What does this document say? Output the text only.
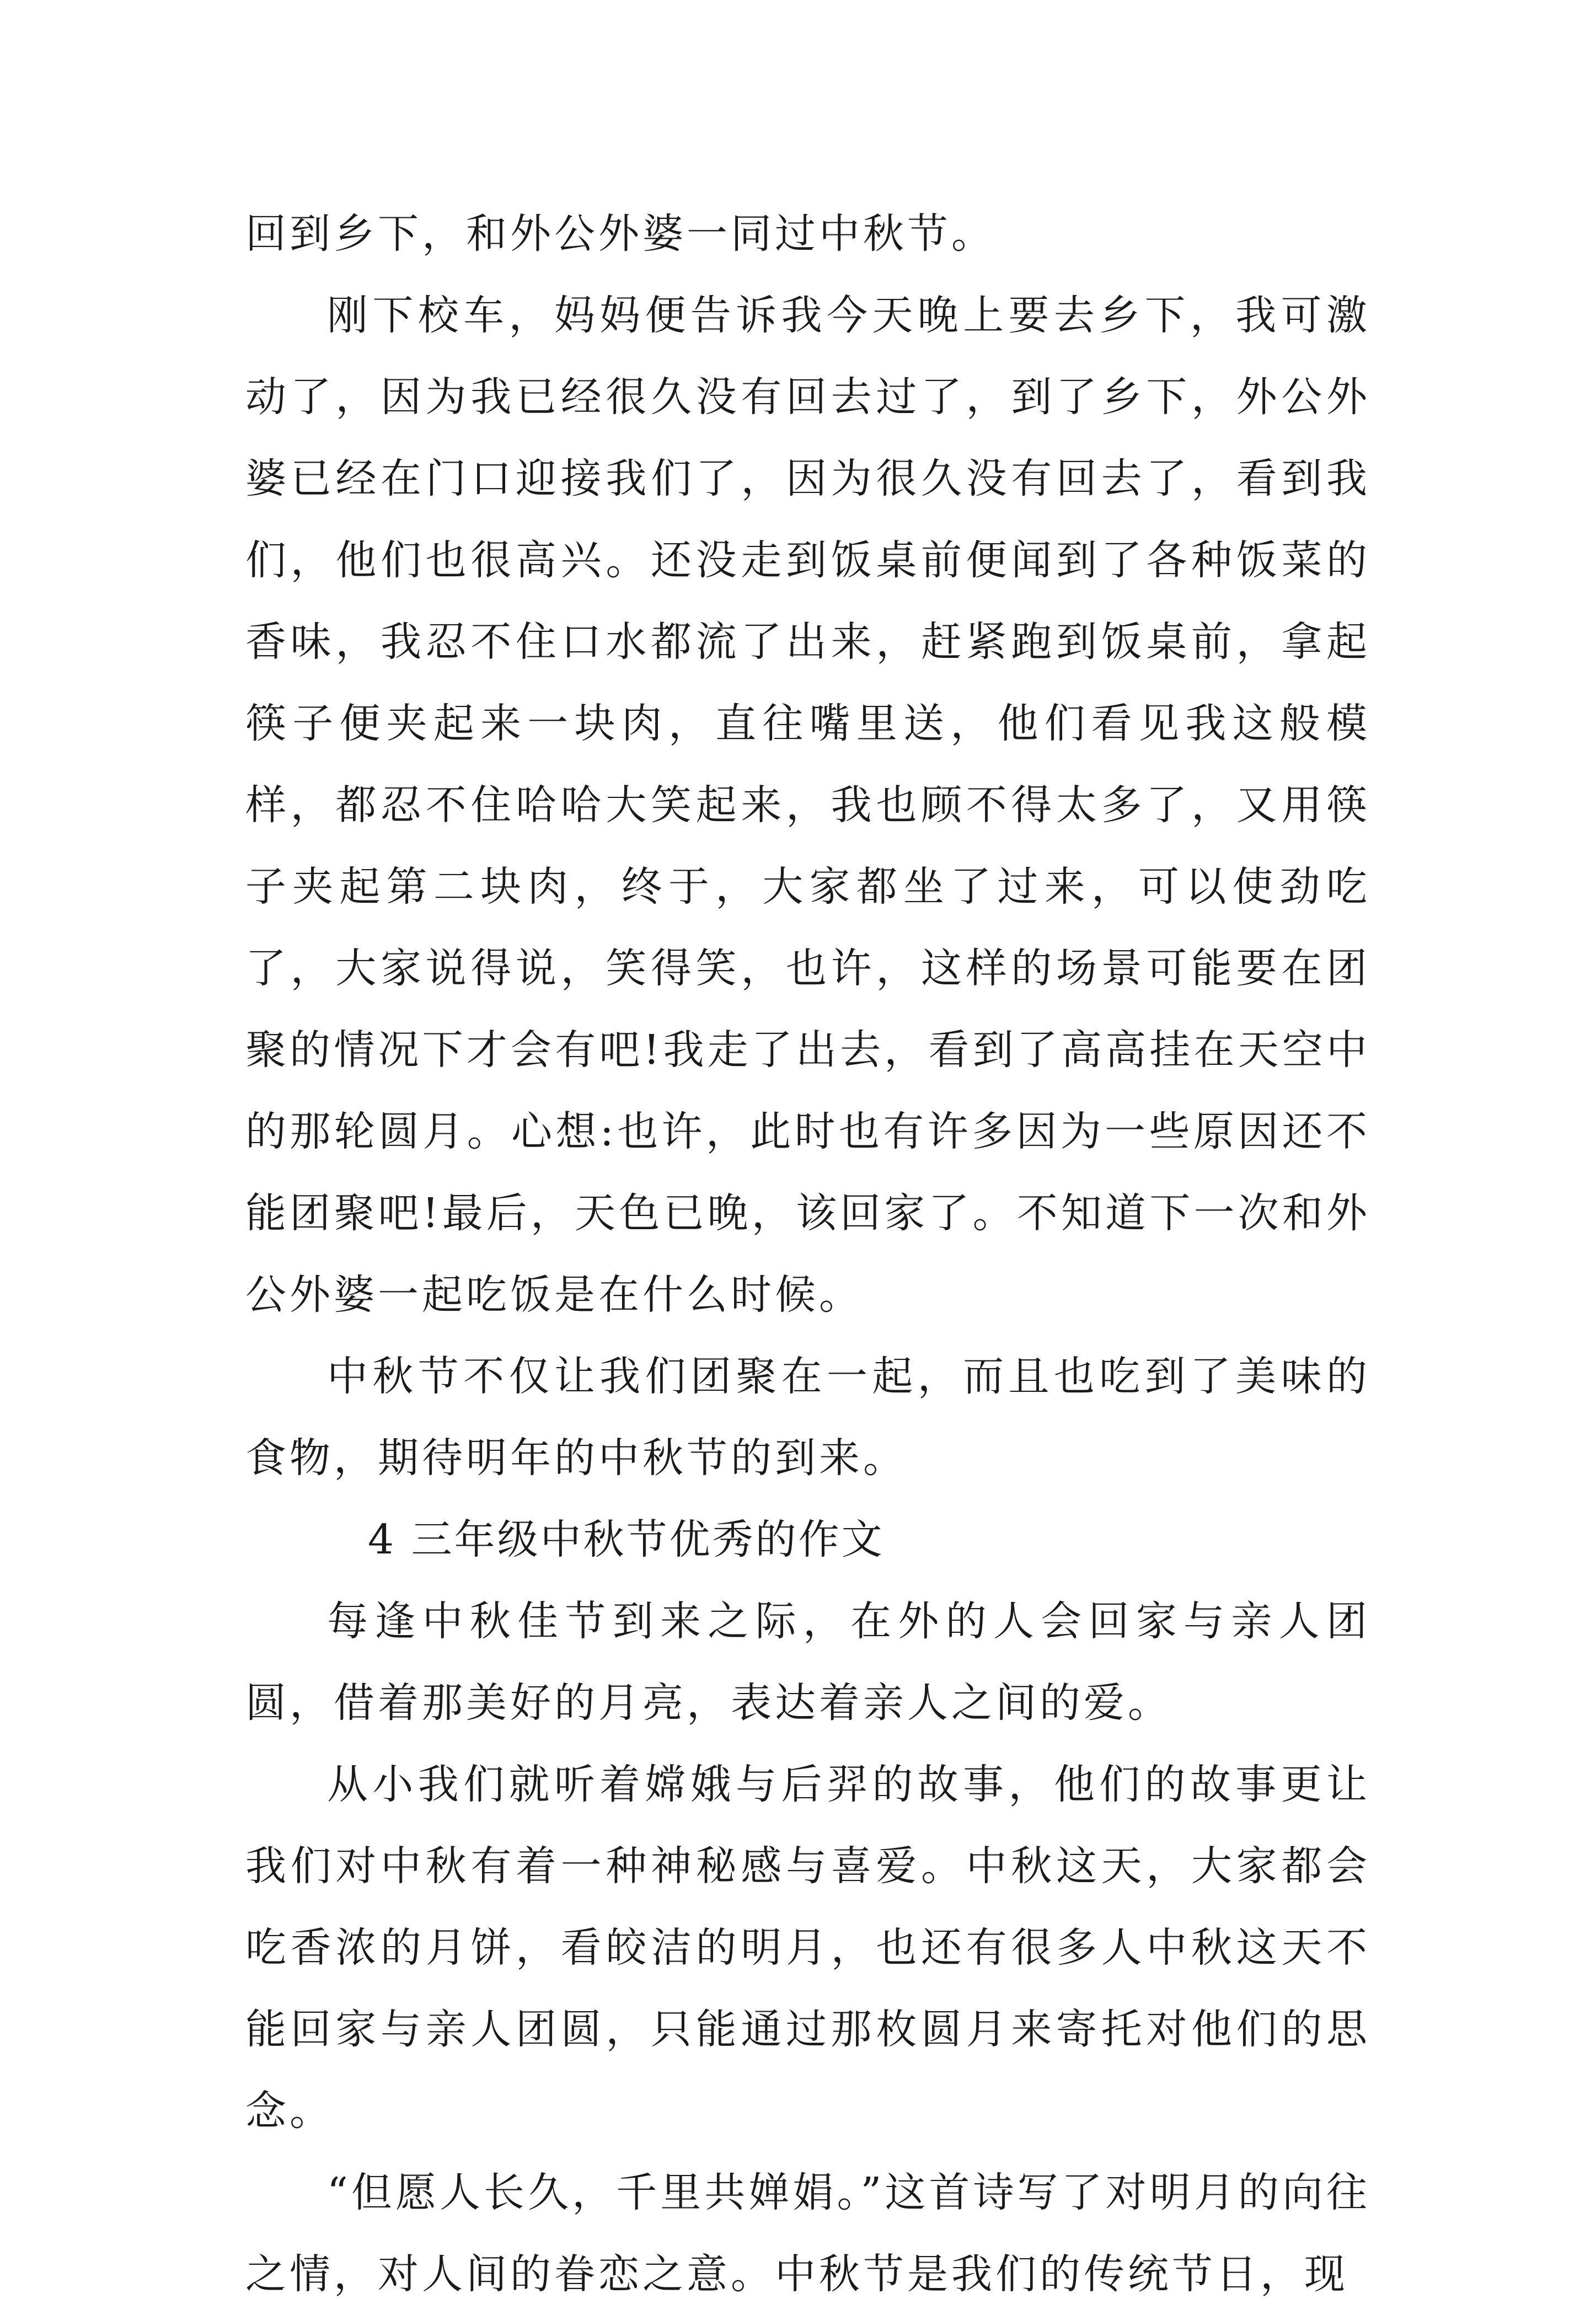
回到乡下，和外公外婆一同过中秋节。

刚下校车，妈妈便告诉我今天晚上要去乡下，我可激动了，因为我已经很久没有回去过了，到了乡下，外公外婆已经在门口迎接我们了，因为很久没有回去了，看到我们，他们也很高兴。还没走到饭桌前便闻到了各种饭菜的香味，我忍不住口水都流了出来，赶紧跑到饭桌前，拿起筷子便夹起来一块肉，直往嘴里送，他们看见我这般模样，都忍不住哈哈大笑起来，我也顾不得太多了，又用筷子夹起第二块肉，终于，大家都坐了过来，可以使劲吃了，大家说得说，笑得笑，也许，这样的场景可能要在团聚的情况下才会有吧!我走了出去，看到了高高挂在天空中的那轮圆月。心想:也许，此时也有许多因为一些原因还不能团聚吧!最后，天色已晚，该回家了。不知道下一次和外公外婆一起吃饭是在什么时候。

中秋节不仅让我们团聚在一起，而且也吃到了美味的食物，期待明年的中秋节的到来。

4 三年级中秋节优秀的作文

每逢中秋佳节到来之际，在外的人会回家与亲人团圆，借着那美好的月亮，表达着亲人之间的爱。

从小我们就听着嫦娥与后羿的故事，他们的故事更让我们对中秋有着一种神秘感与喜爱。中秋这天，大家都会吃香浓的月饼，看皎洁的明月，也还有很多人中秋这天不能回家与亲人团圆，只能通过那枚圆月来寄托对他们的思念。

“但愿人长久，千里共婵娟。”这首诗写了对明月的向往之情，对人间的眷恋之意。中秋节是我们的传统节日，现
